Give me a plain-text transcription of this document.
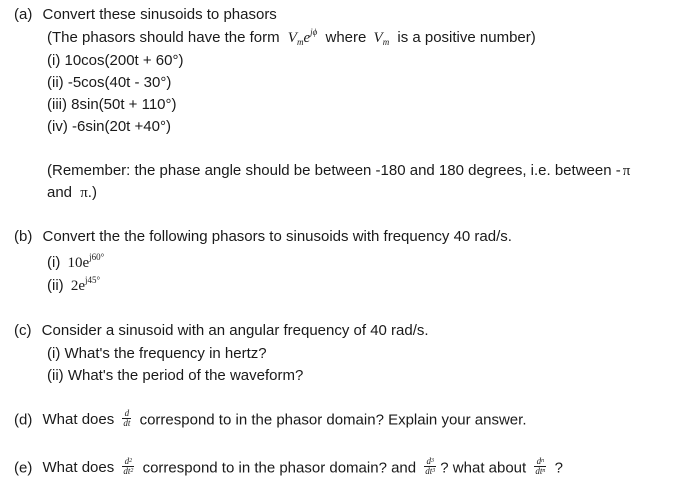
(a) Convert these sinusoids to phasors
(The phasors should have the form $V_me^{j\phi}$ where $V_m$ is a positive number)
(i) 10cos(200t + 60°)
(ii) -5cos(40t - 30°)
(iii) 8sin(50t + 110°)
(iv) -6sin(20t +40°)
(Remember: the phase angle should be between -180 and 180 degrees, i.e. between - π
and π.)
(b) Convert the the following phasors to sinusoids with frequency 40 rad/s.
(i) $10e^{j60^\circ}$
(ii) $2e^{j45^\circ}$
(c) Consider a sinusoid with an angular frequency of 40 rad/s.
(i) What's the frequency in hertz?
(ii) What's the period of the waveform?
(d) What does $\frac{d}{dt}$ correspond to in the phasor domain? Explain your answer.
(e) What does $\frac{d^2}{dt^2}$ correspond to in the phasor domain? and $\frac{d^3}{dt^3}$ ? what about $\frac{d^n}{dt^n}$ ?
